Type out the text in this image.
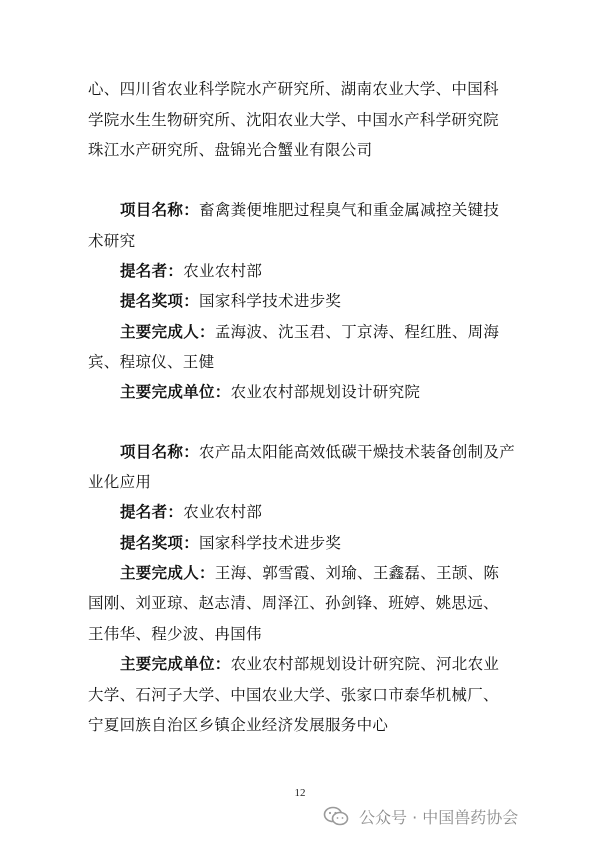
心、四川省农业科学院水产研究所、湖南农业大学、中国科
学院水生生物研究所、沈阳农业大学、中国水产科学研究院
珠江水产研究所、盘锦光合蟹业有限公司
项目名称：畜禽粪便堆肥过程臭气和重金属减控关键技
术研究
提名者：农业农村部
提名奖项：国家科学技术进步奖
主要完成人：孟海波、沈玉君、丁京涛、程红胜、周海
宾、程琼仪、王健
主要完成单位：农业农村部规划设计研究院
项目名称：农产品太阳能高效低碳干燥技术装备创制及产
业化应用
提名者：农业农村部
提名奖项：国家科学技术进步奖
主要完成人：王海、郭雪霞、刘瑜、王鑫磊、王颉、陈
国刚、刘亚琼、赵志清、周泽江、孙剑锋、班婷、姚思远、
王伟华、程少波、冉国伟
主要完成单位：农业农村部规划设计研究院、河北农业
大学、石河子大学、中国农业大学、张家口市泰华机械厂、
宁夏回族自治区乡镇企业经济发展服务中心
12
公众号 · 中国兽药协会
